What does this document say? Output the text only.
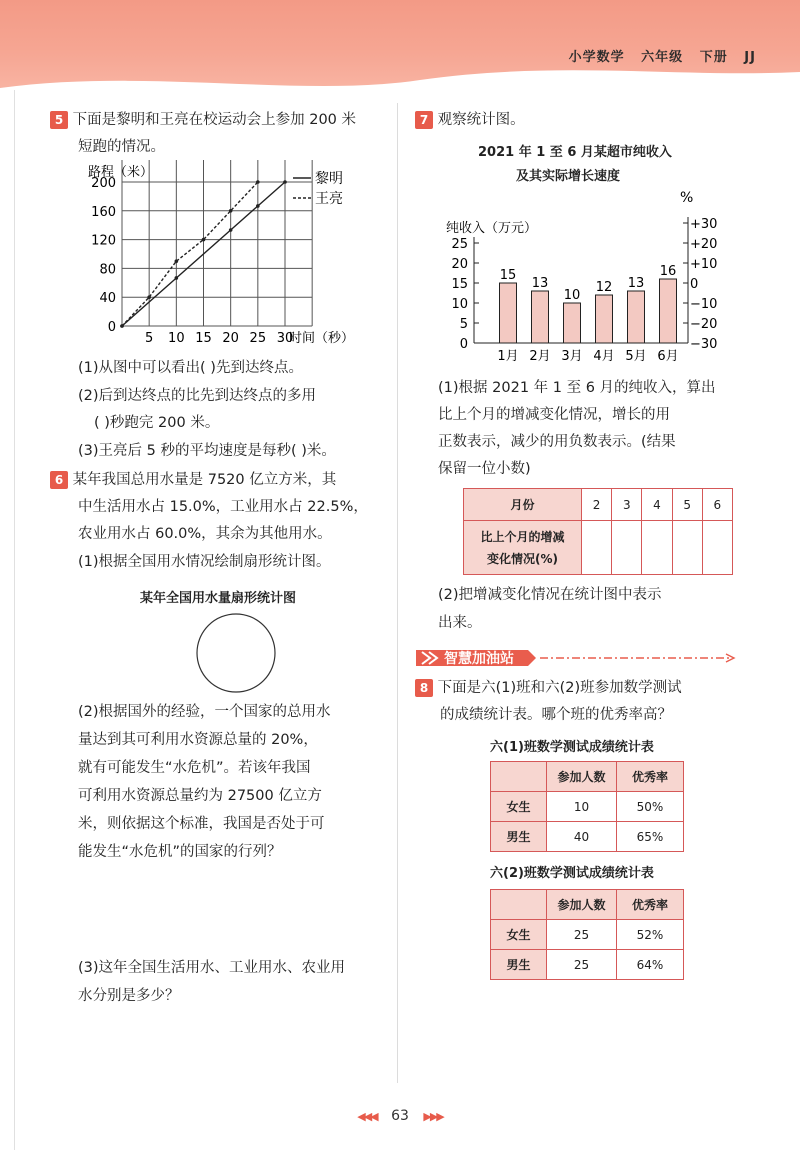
小学数学   六年级   下册   JJ
5 下面是黎明和王亮在校运动会上参加 200 米
短跑的情况。
5 10 15 20 25 30
0
40
80
120
160
200
路程（米）
时间（秒）
黎明
王亮
(1)从图中可以看出( )先到达终点。
(2)后到达终点的比先到达终点的多用
( )秒跑完 200 米。
(3)王亮后 5 秒的平均速度是每秒( )米。
6 某年我国总用水量是 7520 亿立方米，其
中生活用水占 15.0%，工业用水占 22.5%，
农业用水占 60.0%，其余为其他用水。
(1)根据全国用水情况绘制扇形统计图。
某年全国用水量扇形统计图
(2)根据国外的经验，一个国家的总用水
量达到其可利用水资源总量的 20%，
就有可能发生“水危机”。若该年我国
可利用水资源总量约为 27500 亿立方
米，则依据这个标准，我国是否处于可
能发生“水危机”的国家的行列？
(3)这年全国生活用水、工业用水、农业用
水分别是多少？
7 观察统计图。
2021 年 1 至 6 月某超市纯收入
及其实际增长速度
0
5
10
15
20
25
纯收入（万元）	+30
+20
+10
0
−10
−20
−30
%
15
1月
13
2月
10
3月
12
4月
13
5月
16
6月
(1)根据 2021 年 1 至 6 月的纯收入，算出
比上个月的增减变化情况，增长的用
正数表示，减少的用负数表示。(结果
保留一位小数)
月份	2	3	4	5	6
比上个月的增减
变化情况(%)					
(2)把增减变化情况在统计图中表示
出来。
智慧加油站
8 下面是六(1)班和六(2)班参加数学测试
的成绩统计表。哪个班的优秀率高？
六(1)班数学测试成绩统计表
	参加人数	优秀率
女生	10	50%
男生	40	65%
六(2)班数学测试成绩统计表
	参加人数	优秀率
女生	25	52%
男生	25	64%
◀◀◀ 63 ▶▶▶
